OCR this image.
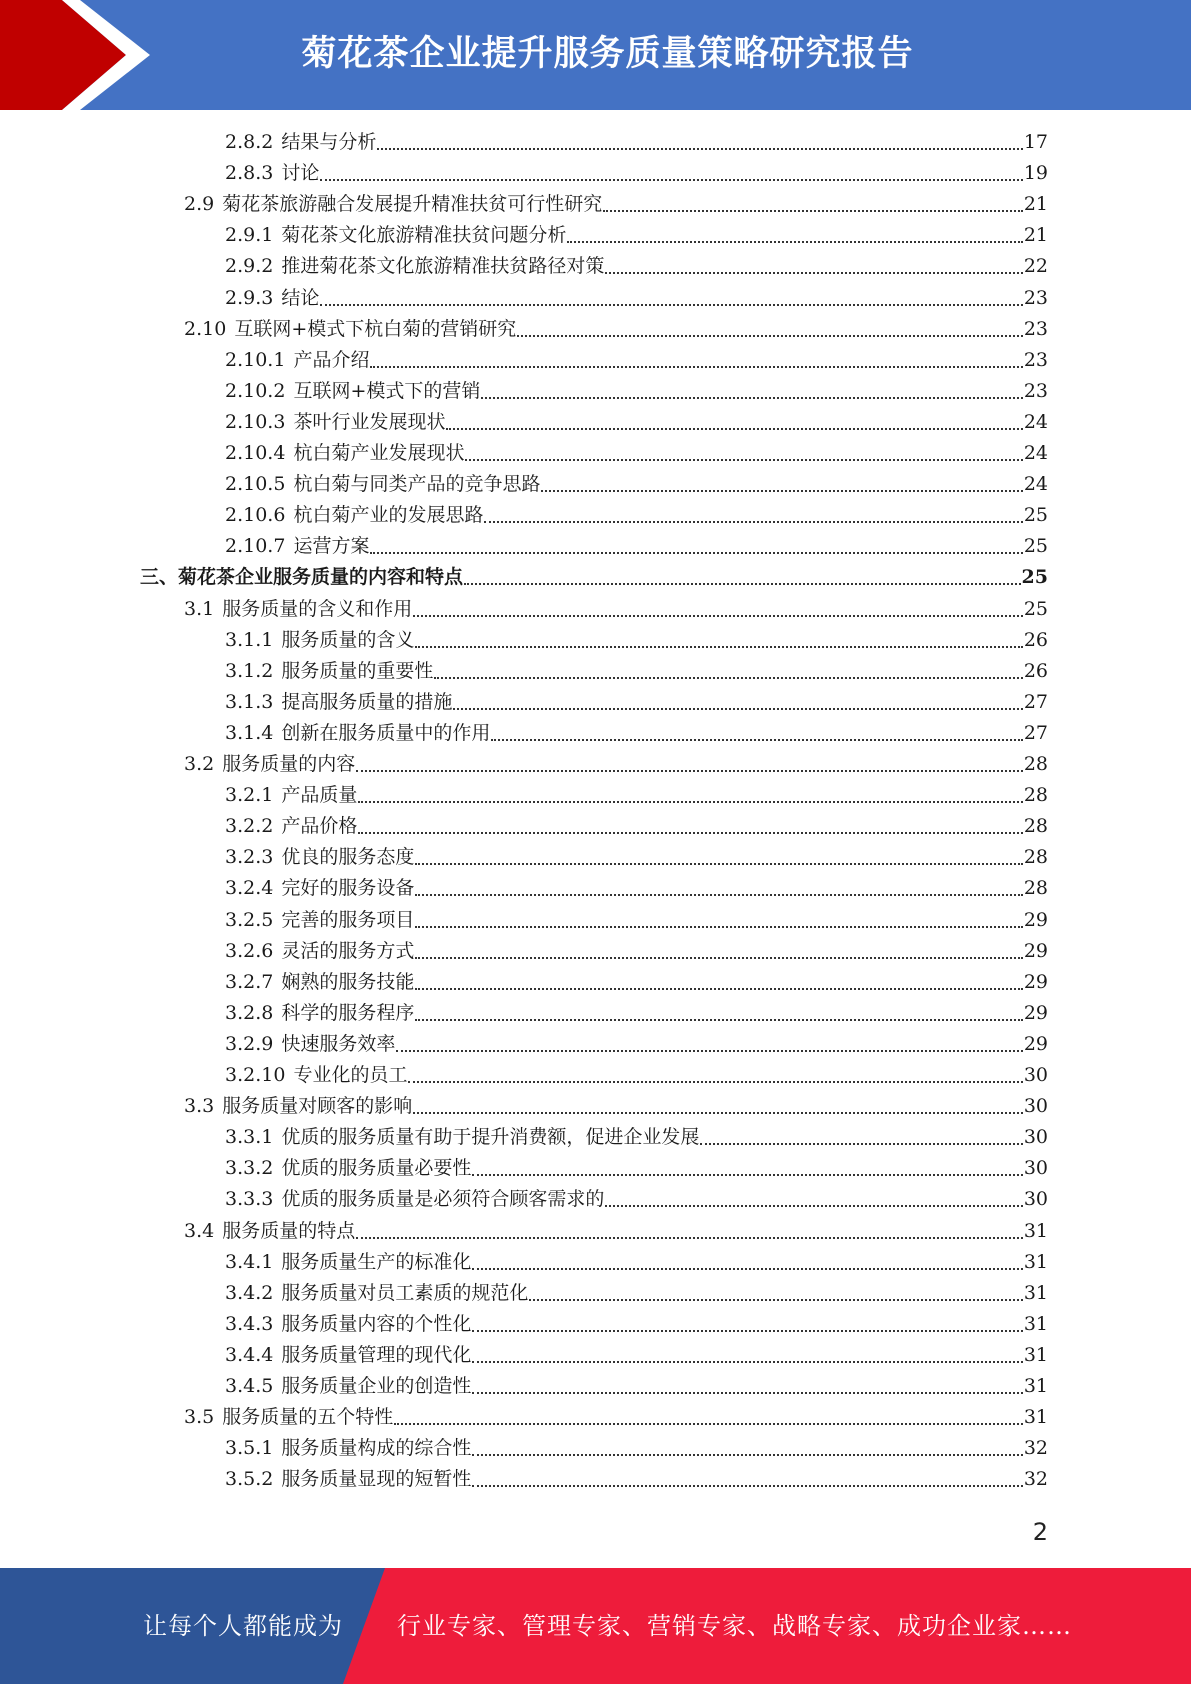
菊花茶企业提升服务质量策略研究报告
2.8.2 结果与分析	17
2.8.3 讨论	19
2.9 菊花茶旅游融合发展提升精准扶贫可行性研究	21
2.9.1 菊花茶文化旅游精准扶贫问题分析	21
2.9.2 推进菊花茶文化旅游精准扶贫路径对策	22
2.9.3 结论	23
2.10 互联网+模式下杭白菊的营销研究	23
2.10.1 产品介绍	23
2.10.2 互联网+模式下的营销	23
2.10.3 茶叶行业发展现状	24
2.10.4 杭白菊产业发展现状	24
2.10.5 杭白菊与同类产品的竞争思路	24
2.10.6 杭白菊产业的发展思路	25
2.10.7 运营方案	25
三、 菊花茶企业服务质量的内容和特点	25
3.1 服务质量的含义和作用	25
3.1.1 服务质量的含义	26
3.1.2 服务质量的重要性	26
3.1.3 提高服务质量的措施	27
3.1.4 创新在服务质量中的作用	27
3.2 服务质量的内容	28
3.2.1 产品质量	28
3.2.2 产品价格	28
3.2.3 优良的服务态度	28
3.2.4 完好的服务设备	28
3.2.5 完善的服务项目	29
3.2.6 灵活的服务方式	29
3.2.7 娴熟的服务技能	29
3.2.8 科学的服务程序	29
3.2.9 快速服务效率	29
3.2.10 专业化的员工	30
3.3 服务质量对顾客的影响	30
3.3.1 优质的服务质量有助于提升消费额，促进企业发展	30
3.3.2 优质的服务质量必要性	30
3.3.3 优质的服务质量是必须符合顾客需求的	30
3.4 服务质量的特点	31
3.4.1 服务质量生产的标准化	31
3.4.2 服务质量对员工素质的规范化	31
3.4.3 服务质量内容的个性化	31
3.4.4 服务质量管理的现代化	31
3.4.5 服务质量企业的创造性	31
3.5 服务质量的五个特性	31
3.5.1 服务质量构成的综合性	32
3.5.2 服务质量显现的短暂性	32
2
让每个人都能成为 行业专家、管理专家、营销专家、战略专家、成功企业家……
